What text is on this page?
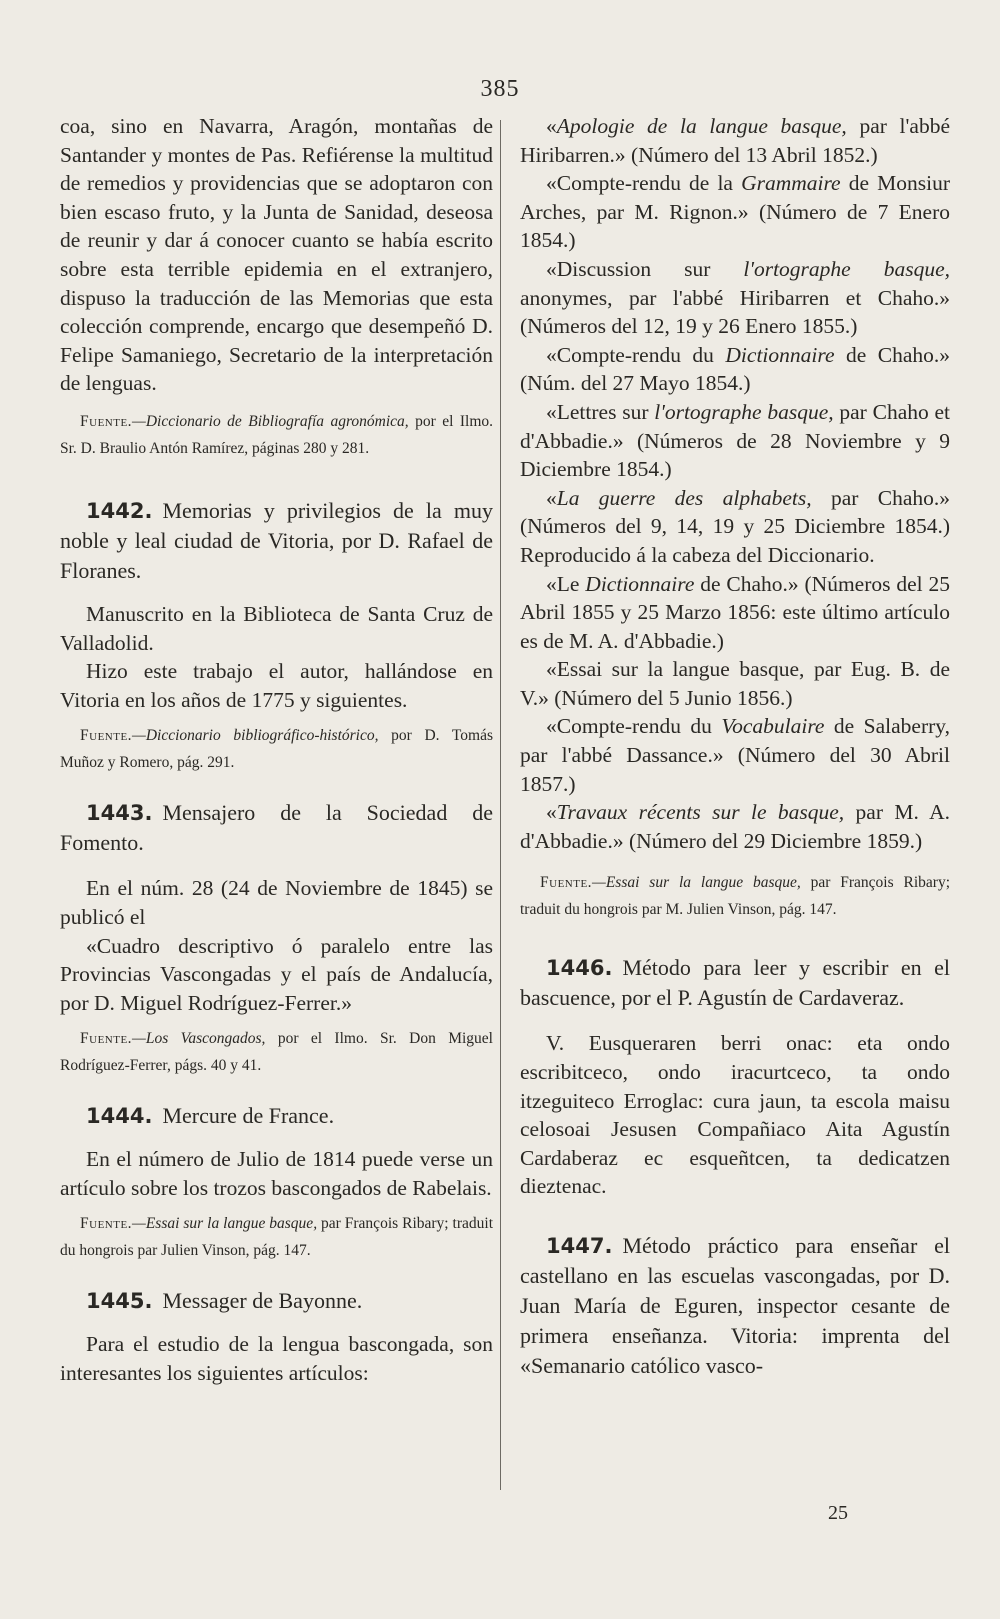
385

coa, sino en Navarra, Aragón, montañas de Santander y montes de Pas. Refiérense la multitud de remedios y providencias que se adoptaron con bien escaso fruto, y la Junta de Sanidad, deseosa de reunir y dar á conocer cuanto se había escrito sobre esta terrible epidemia en el extranjero, dispuso la traducción de las Memorias que esta colección comprende, encargo que desempeñó D. Felipe Samaniego, Secretario de la interpretación de lenguas.

Fuente.—Diccionario de Bibliografía agronómica, por el Ilmo. Sr. D. Braulio Antón Ramírez, páginas 280 y 281.

1442. Memorias y privilegios de la muy noble y leal ciudad de Vitoria, por D. Rafael de Floranes.

Manuscrito en la Biblioteca de Santa Cruz de Valladolid.

Hizo este trabajo el autor, hallándose en Vitoria en los años de 1775 y siguientes.

Fuente.—Diccionario bibliográfico-histórico, por D. Tomás Muñoz y Romero, pág. 291.

1443. Mensajero de la Sociedad de Fomento.

En el núm. 28 (24 de Noviembre de 1845) se publicó el

«Cuadro descriptivo ó paralelo entre las Provincias Vascongadas y el país de Andalucía, por D. Miguel Rodríguez-Ferrer.»

Fuente.—Los Vascongados, por el Ilmo. Sr. Don Miguel Rodríguez-Ferrer, págs. 40 y 41.

1444. Mercure de France.

En el número de Julio de 1814 puede verse un artículo sobre los trozos bascongados de Rabelais.

Fuente.—Essai sur la langue basque, par François Ribary; traduit du hongrois par Julien Vinson, pág. 147.

1445. Messager de Bayonne.

Para el estudio de la lengua bascongada, son interesantes los siguientes artículos:

«Apologie de la langue basque, par l'abbé Hiribarren.» (Número del 13 Abril 1852.)

«Compte-rendu de la Grammaire de Monsiur Arches, par M. Rignon.» (Número de 7 Enero 1854.)

«Discussion sur l'ortographe basque, anonymes, par l'abbé Hiribarren et Chaho.» (Números del 12, 19 y 26 Enero 1855.)

«Compte-rendu du Dictionnaire de Chaho.» (Núm. del 27 Mayo 1854.)

«Lettres sur l'ortographe basque, par Chaho et d'Abbadie.» (Números de 28 Noviembre y 9 Diciembre 1854.)

«La guerre des alphabets, par Chaho.» (Números del 9, 14, 19 y 25 Diciembre 1854.) Reproducido á la cabeza del Diccionario.

«Le Dictionnaire de Chaho.» (Números del 25 Abril 1855 y 25 Marzo 1856: este último artículo es de M. A. d'Abbadie.)

«Essai sur la langue basque, par Eug. B. de V.» (Número del 5 Junio 1856.)

«Compte-rendu du Vocabulaire de Salaberry, par l'abbé Dassance.» (Número del 30 Abril 1857.)

«Travaux récents sur le basque, par M. A. d'Abbadie.» (Número del 29 Diciembre 1859.)

Fuente.—Essai sur la langue basque, par François Ribary; traduit du hongrois par M. Julien Vinson, pág. 147.

1446. Método para leer y escribir en el bascuence, por el P. Agustín de Cardaveraz.

V. Eusqueraren berri onac: eta ondo escribitceco, ondo iracurtceco, ta ondo itzeguiteco Erroglac: cura jaun, ta escola maisu celosoai Jesusen Compañiaco Aita Agustín Cardaberaz ec esqueñtcen, ta dedicatzen dieztenac.

1447. Método práctico para enseñar el castellano en las escuelas vascongadas, por D. Juan María de Eguren, inspector cesante de primera enseñanza. Vitoria: imprenta del «Semanario católico vasco-

25
